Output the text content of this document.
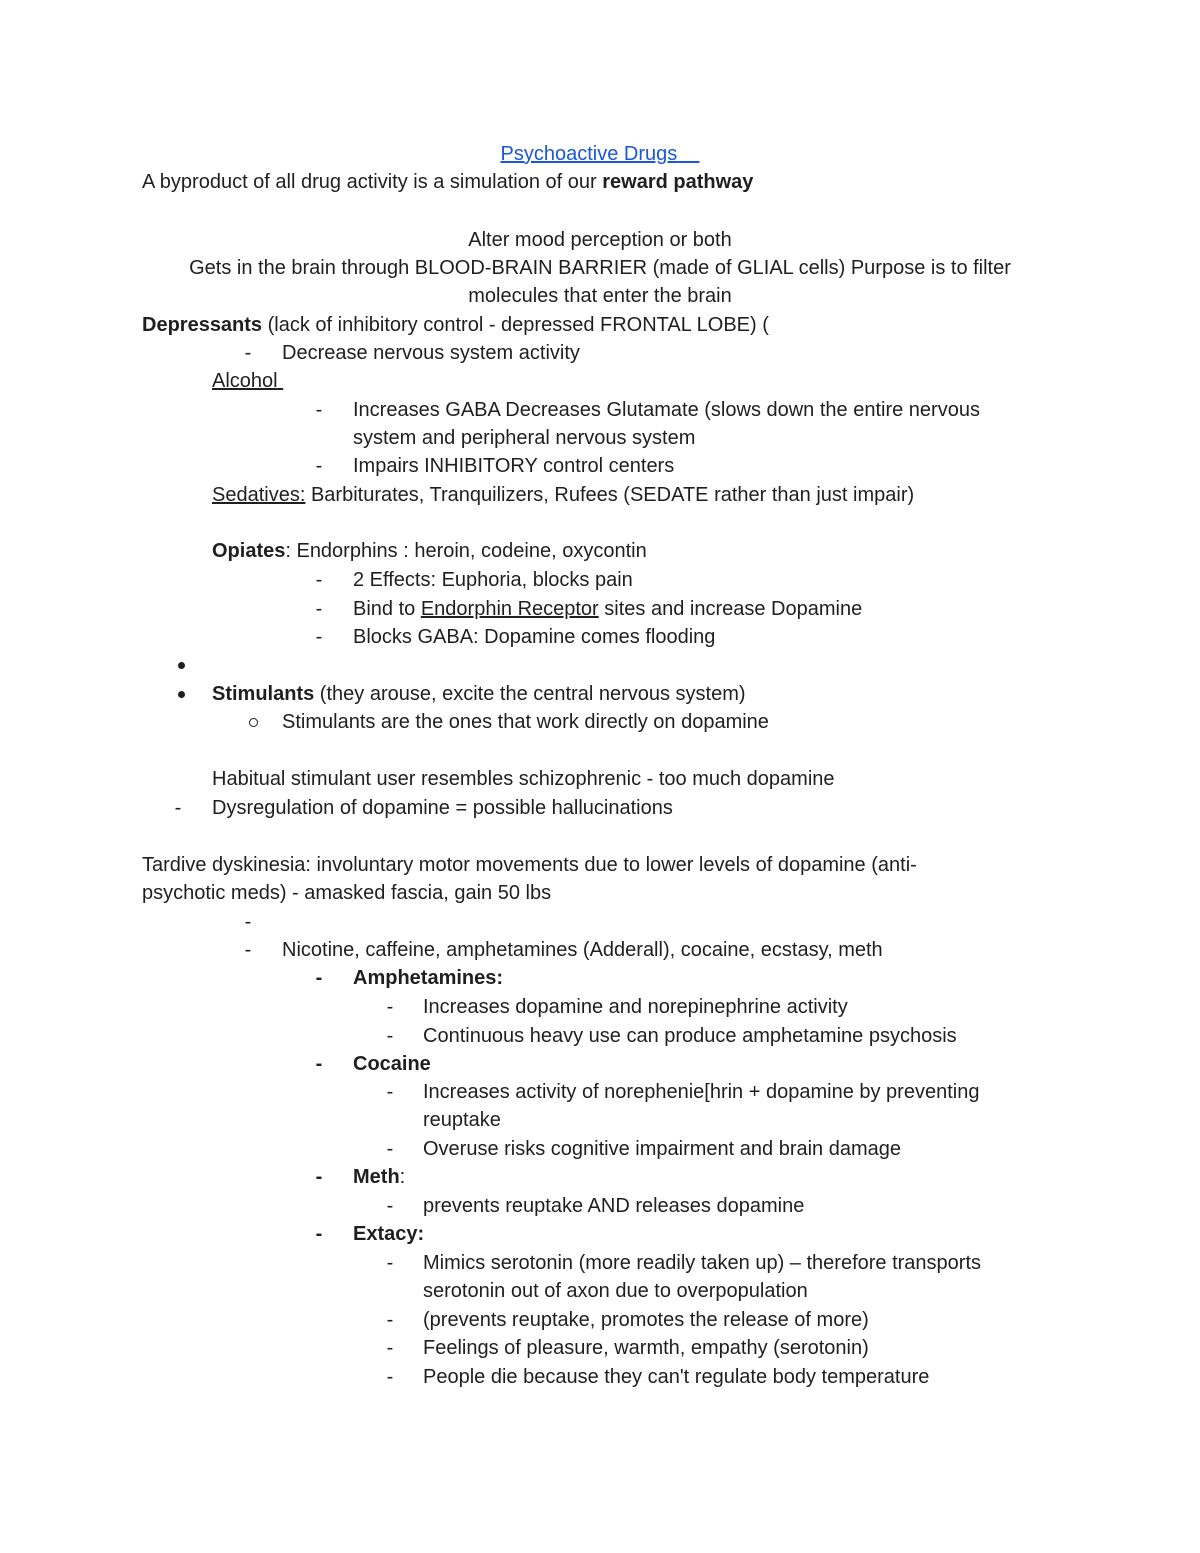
Psychoactive Drugs

A byproduct of all drug activity is a simulation of our reward pathway

Alter mood perception or both

Gets in the brain through BLOOD-BRAIN BARRIER (made of GLIAL cells) Purpose is to filter

molecules that enter the brain

Depressants (lack of inhibitory control - depressed FRONTAL LOBE) (

-	Decrease nervous system activity

Alcohol

-	Increases GABA Decreases Glutamate (slows down the entire nervous

system and peripheral nervous system

-	Impairs INHIBITORY control centers

Sedatives: Barbiturates, Tranquilizers, Rufees (SEDATE rather than just impair)

Opiates: Endorphins : heroin, codeine, oxycontin

-	2 Effects: Euphoria, blocks pain

-	Bind to Endorphin Receptor sites and increase Dopamine

-	Blocks GABA: Dopamine comes flooding

Stimulants (they arouse, excite the central nervous system)

Stimulants are the ones that work directly on dopamine

Habitual stimulant user resembles schizophrenic - too much dopamine

-	Dysregulation of dopamine = possible hallucinations

Tardive dyskinesia: involuntary motor movements due to lower levels of dopamine (anti-

psychotic meds) - amasked fascia, gain 50 lbs

-
-	Nicotine, caffeine, amphetamines (Adderall), cocaine, ecstasy, meth

-	Amphetamines:

-	Increases dopamine and norepinephrine activity

-	Continuous heavy use can produce amphetamine psychosis

-	Cocaine

-	Increases activity of norephenie[hrin + dopamine by preventing

reuptake

-	Overuse risks cognitive impairment and brain damage

-	Meth:

-	prevents reuptake AND releases dopamine

-	Extacy:

-	Mimics serotonin (more readily taken up) – therefore transports

serotonin out of axon due to overpopulation

-	(prevents reuptake, promotes the release of more)

-	Feelings of pleasure, warmth, empathy (serotonin)

-	People die because they can't regulate body temperature
